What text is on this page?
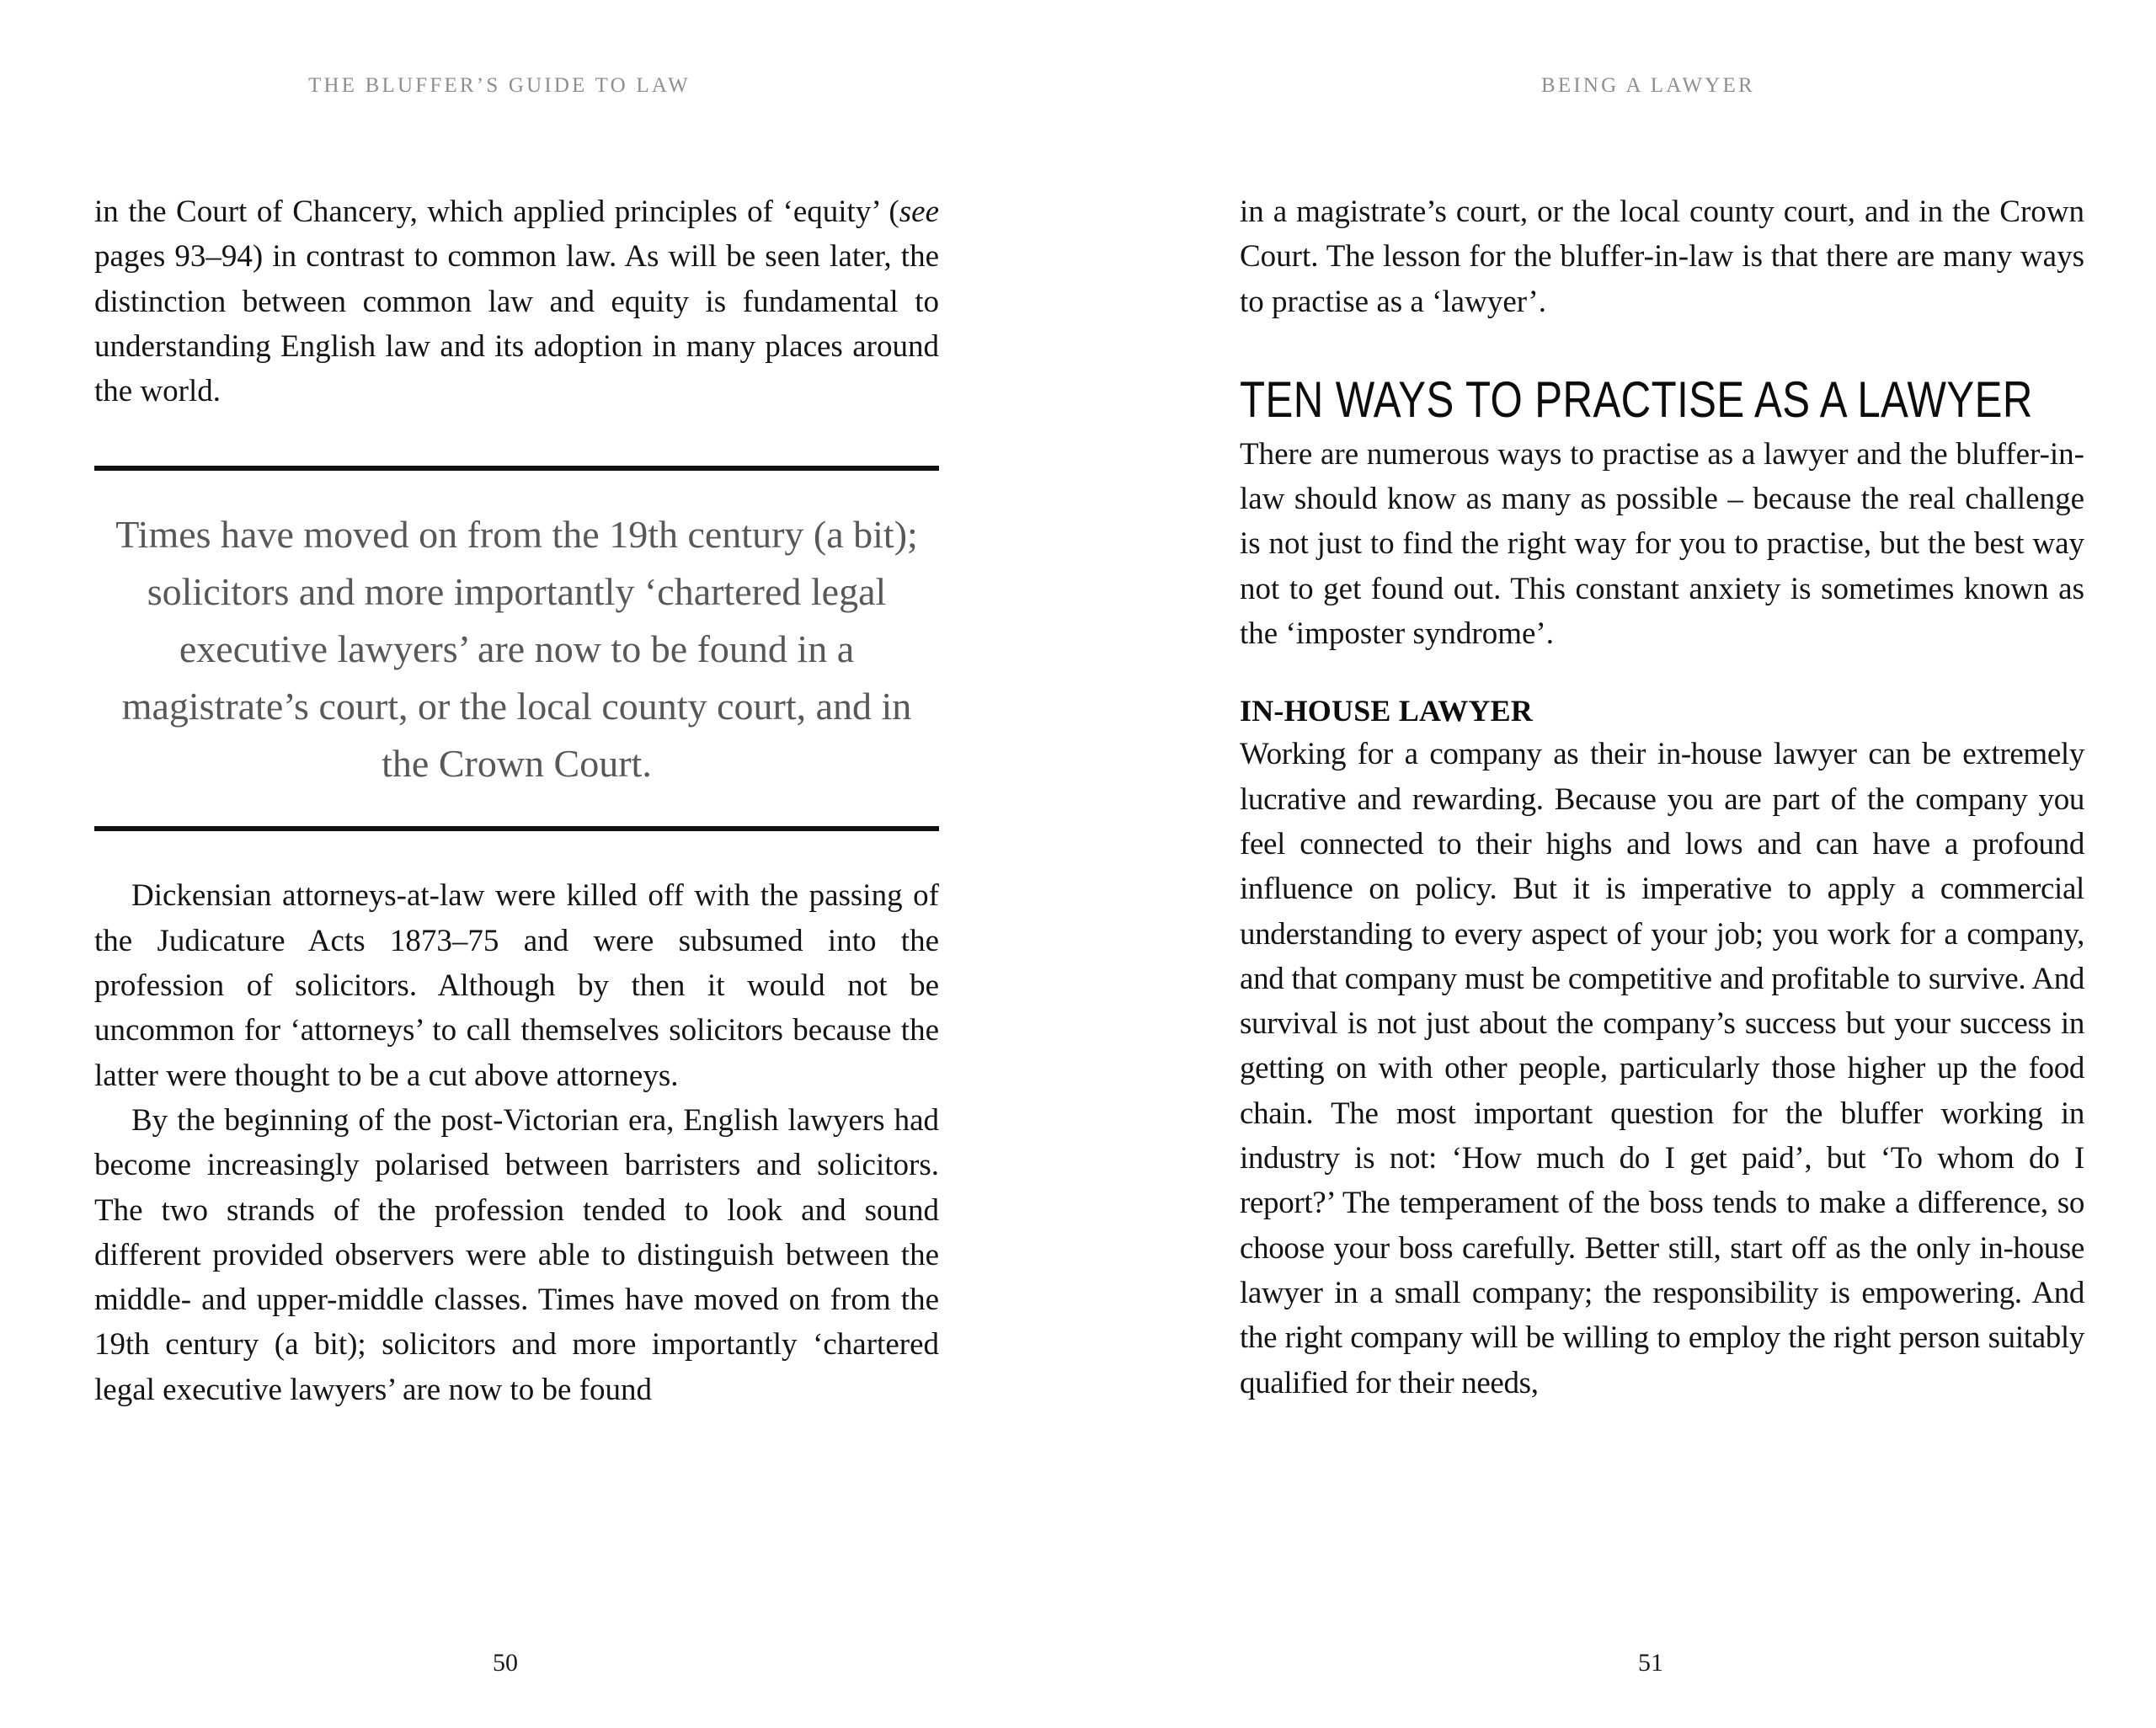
THE BLUFFER’S GUIDE TO LAW	BEING A LAWYER

in the Court of Chancery, which applied principles of ‘equity’ (see pages 93–94) in contrast to common law. As will be seen later, the distinction between common law and equity is fundamental to understanding English law and its adoption in many places around the world.

Times have moved on from the 19th century (a bit); solicitors and more importantly ‘chartered legal executive lawyers’ are now to be found in a magistrate’s court, or the local county court, and in the Crown Court.

Dickensian attorneys-at-law were killed off with the passing of the Judicature Acts 1873–75 and were subsumed into the profession of solicitors. Although by then it would not be uncommon for ‘attorneys’ to call themselves solicitors because the latter were thought to be a cut above attorneys.

By the beginning of the post-Victorian era, English lawyers had become increasingly polarised between barristers and solicitors. The two strands of the profession tended to look and sound different provided observers were able to distinguish between the middle- and upper-middle classes. Times have moved on from the 19th century (a bit); solicitors and more importantly ‘chartered legal executive lawyers’ are now to be found

in a magistrate’s court, or the local county court, and in the Crown Court. The lesson for the bluffer-in-law is that there are many ways to practise as a ‘lawyer’.

TEN WAYS TO PRACTISE AS A LAWYER

There are numerous ways to practise as a lawyer and the bluffer-in-law should know as many as possible – because the real challenge is not just to find the right way for you to practise, but the best way not to get found out. This constant anxiety is sometimes known as the ‘imposter syndrome’.

IN-HOUSE LAWYER

Working for a company as their in-house lawyer can be extremely lucrative and rewarding. Because you are part of the company you feel connected to their highs and lows and can have a profound influence on policy. But it is imperative to apply a commercial understanding to every aspect of your job; you work for a company, and that company must be competitive and profitable to survive. And survival is not just about the company’s success but your success in getting on with other people, particularly those higher up the food chain. The most important question for the bluffer working in industry is not: ‘How much do I get paid’, but ‘To whom do I report?’ The temperament of the boss tends to make a difference, so choose your boss carefully. Better still, start off as the only in-house lawyer in a small company; the responsibility is empowering. And the right company will be willing to employ the right person suitably qualified for their needs,

50	51
